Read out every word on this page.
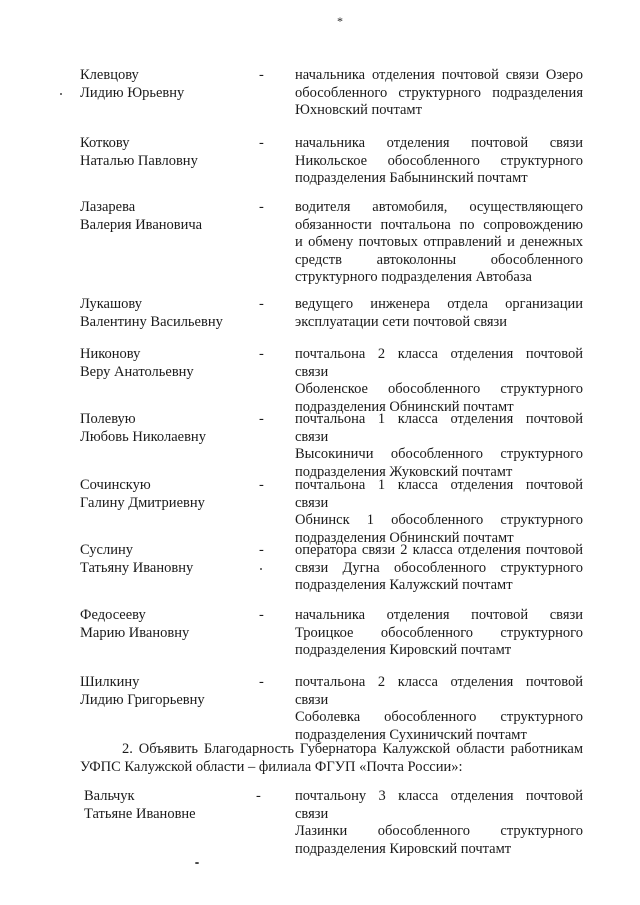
*
Клевцову
Лидию Юрьевну
-	начальника отделения почтовой связи Озеро
обособленного структурного подразделения
Юхновский почтамт
Коткову
Наталью Павловну
-	начальника отделения почтовой связи
Никольское обособленного структурного
подразделения Бабынинский почтамт
Лазарева
Валерия Ивановича
-	водителя автомобиля, осуществляющего
обязанности почтальона по сопровождению
и обмену почтовых отправлений и денежных
средств автоколонны обособленного
структурного подразделения Автобаза
Лукашову
Валентину Васильевну
-	ведущего инженера отдела организации
эксплуатации сети почтовой связи
Никонову
Веру Анатольевну
-	почтальона 2 класса отделения почтовой связи
Оболенское обособленного структурного
подразделения Обнинский почтамт
Полевую
Любовь Николаевну
-	почтальона 1 класса отделения почтовой связи
Высокиничи обособленного структурного
подразделения Жуковский почтамт
Сочинскую
Галину Дмитриевну
-	почтальона 1 класса отделения почтовой связи
Обнинск 1 обособленного структурного
подразделения Обнинский почтамт
Суслину
Татьяну Ивановну
-	оператора связи 2 класса отделения почтовой
связи Дугна обособленного структурного
подразделения Калужский почтамт
Федосееву
Марию Ивановну
-	начальника отделения почтовой связи
Троицкое обособленного структурного
подразделения Кировский почтамт
Шилкину
Лидию Григорьевну
-	почтальона 2 класса отделения почтовой связи
Соболевка обособленного структурного
подразделения Сухиничский почтамт
2. Объявить Благодарность Губернатора Калужской области работникам
УФПС Калужской области – филиала ФГУП «Почта России»:
Вальчук
Татьяне Ивановне
-	почтальону 3 класса отделения почтовой связи
Лазинки обособленного структурного
подразделения Кировский почтамт
